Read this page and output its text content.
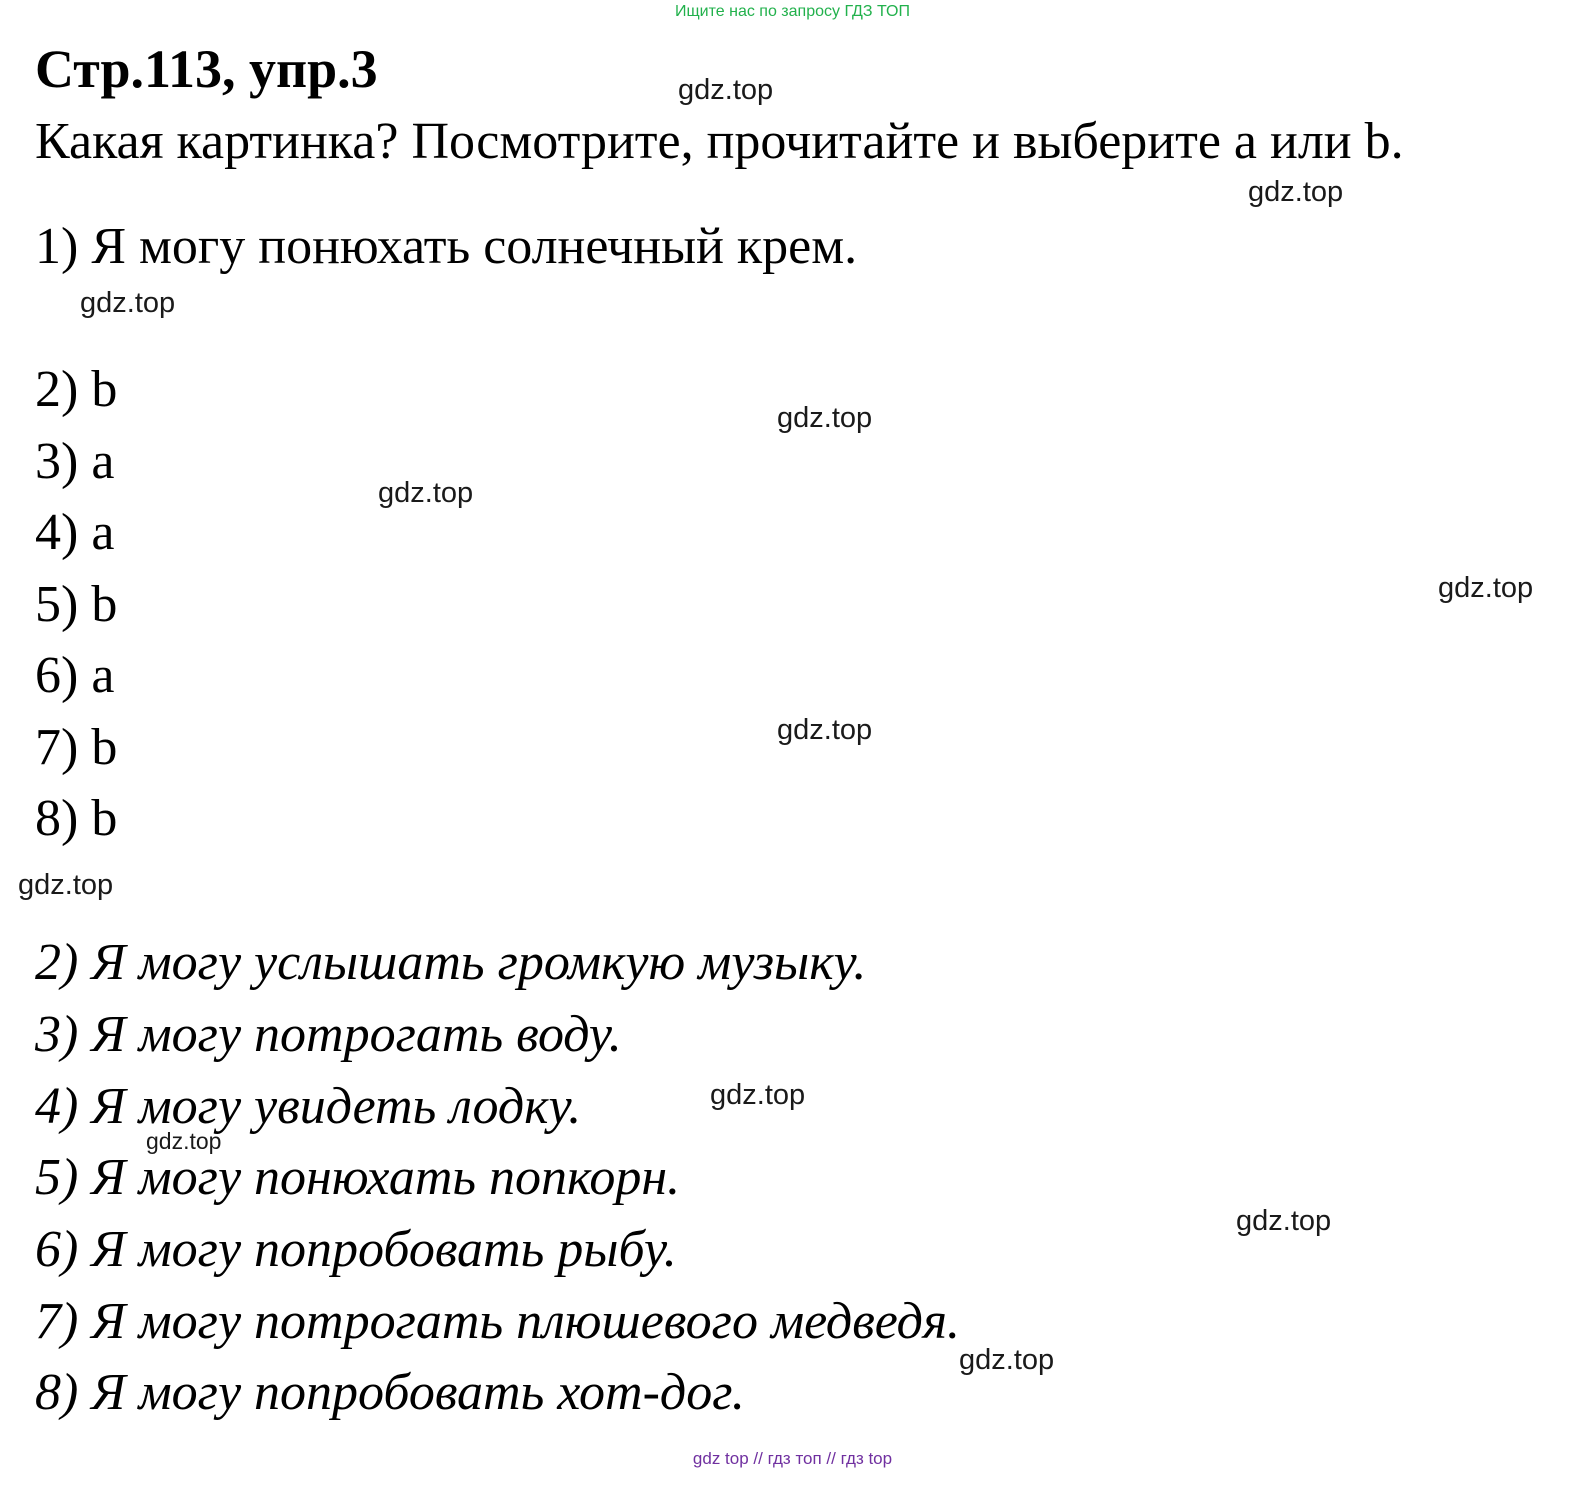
Ищите нас по запросу ГДЗ ТОП
Стр.113, упр.3
Какая картинка? Посмотрите, прочитайте и выберите a или b.
1) Я могу понюхать солнечный крем.
2) b
3) a
4) a
5) b
6) a
7) b
8) b
2) Я могу услышать громкую музыку.
3) Я могу потрогать воду.
4) Я могу увидеть лодку.
5) Я могу понюхать попкорн.
6) Я могу попробовать рыбу.
7) Я могу потрогать плюшевого медведя.
8) Я могу попробовать хот-дог.
gdz.top
gdz.top
gdz.top
gdz.top
gdz.top
gdz.top
gdz.top
gdz.top
gdz.top
gdz.top
gdz.top
gdz.top
gdz top // гдз топ // гдз top
